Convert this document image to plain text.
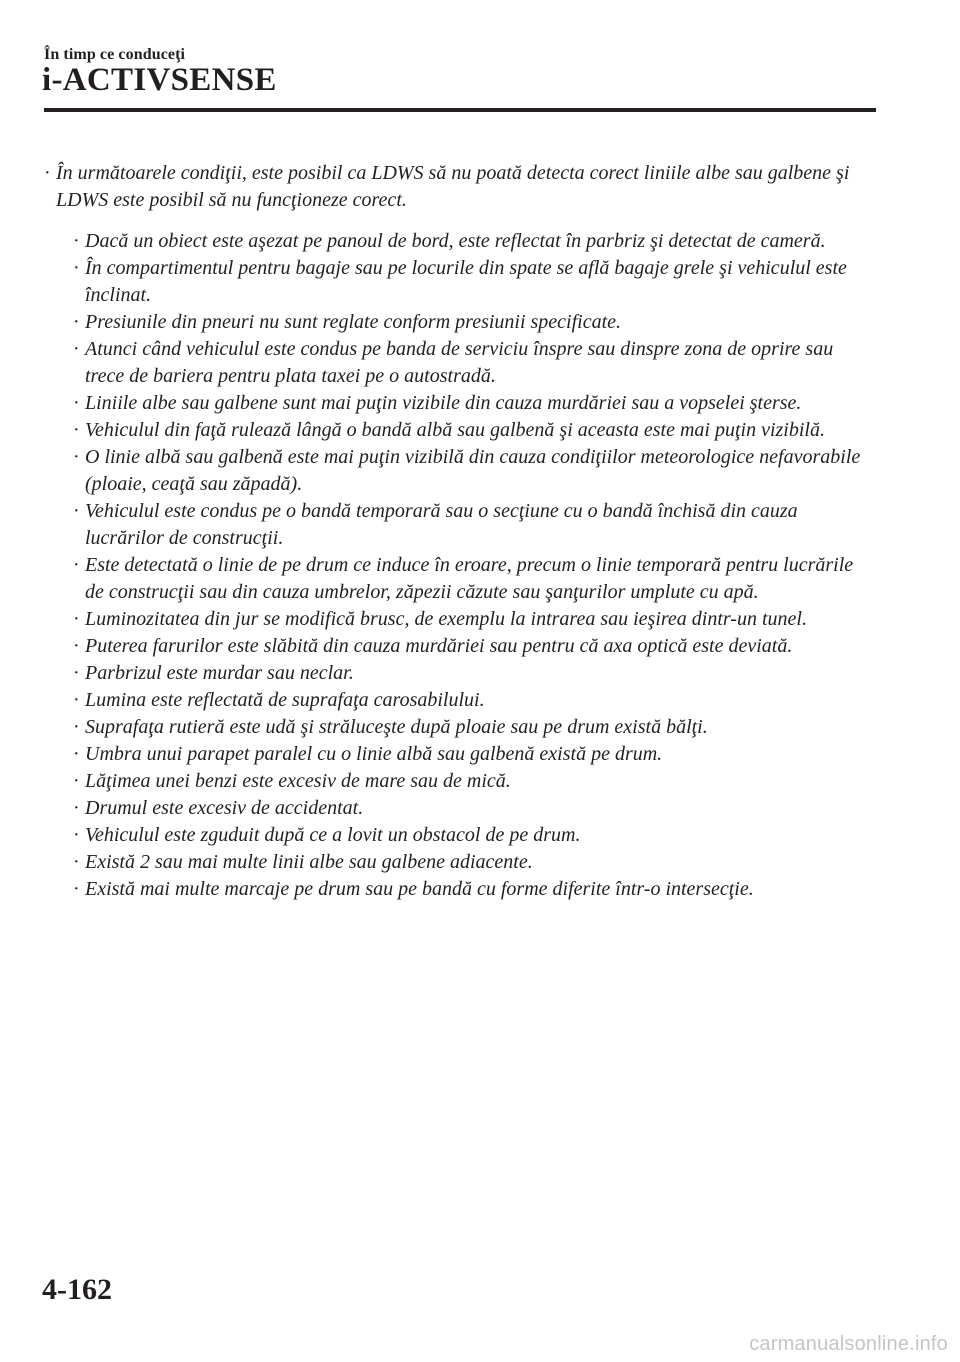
În timp ce conduceţi
i-ACTIVSENSE
· În următoarele condiţii, este posibil ca LDWS să nu poată detecta corect liniile albe sau galbene şi LDWS este posibil să nu funcţioneze corect.
· Dacă un obiect este aşezat pe panoul de bord, este reflectat în parbriz şi detectat de cameră.
· În compartimentul pentru bagaje sau pe locurile din spate se află bagaje grele şi vehiculul este înclinat.
· Presiunile din pneuri nu sunt reglate conform presiunii specificate.
· Atunci când vehiculul este condus pe banda de serviciu înspre sau dinspre zona de oprire sau trece de bariera pentru plata taxei pe o autostradă.
· Liniile albe sau galbene sunt mai puţin vizibile din cauza murdăriei sau a vopselei şterse.
· Vehiculul din faţă rulează lângă o bandă albă sau galbenă şi aceasta este mai puţin vizibilă.
· O linie albă sau galbenă este mai puţin vizibilă din cauza condiţiilor meteorologice nefavorabile (ploaie, ceaţă sau zăpadă).
· Vehiculul este condus pe o bandă temporară sau o secţiune cu o bandă închisă din cauza lucrărilor de construcţii.
· Este detectată o linie de pe drum ce induce în eroare, precum o linie temporară pentru lucrările de construcţii sau din cauza umbrelor, zăpezii căzute sau şanţurilor umplute cu apă.
· Luminozitatea din jur se modifică brusc, de exemplu la intrarea sau ieşirea dintr-un tunel.
· Puterea farurilor este slăbită din cauza murdăriei sau pentru că axa optică este deviată.
· Parbrizul este murdar sau neclar.
· Lumina este reflectată de suprafaţa carosabilului.
· Suprafaţa rutieră este udă şi străluceşte după ploaie sau pe drum există bălţi.
· Umbra unui parapet paralel cu o linie albă sau galbenă există pe drum.
· Lăţimea unei benzi este excesiv de mare sau de mică.
· Drumul este excesiv de accidentat.
· Vehiculul este zguduit după ce a lovit un obstacol de pe drum.
· Există 2 sau mai multe linii albe sau galbene adiacente.
· Există mai multe marcaje pe drum sau pe bandă cu forme diferite într-o intersecţie.
4-162
carmanualsonline.info
